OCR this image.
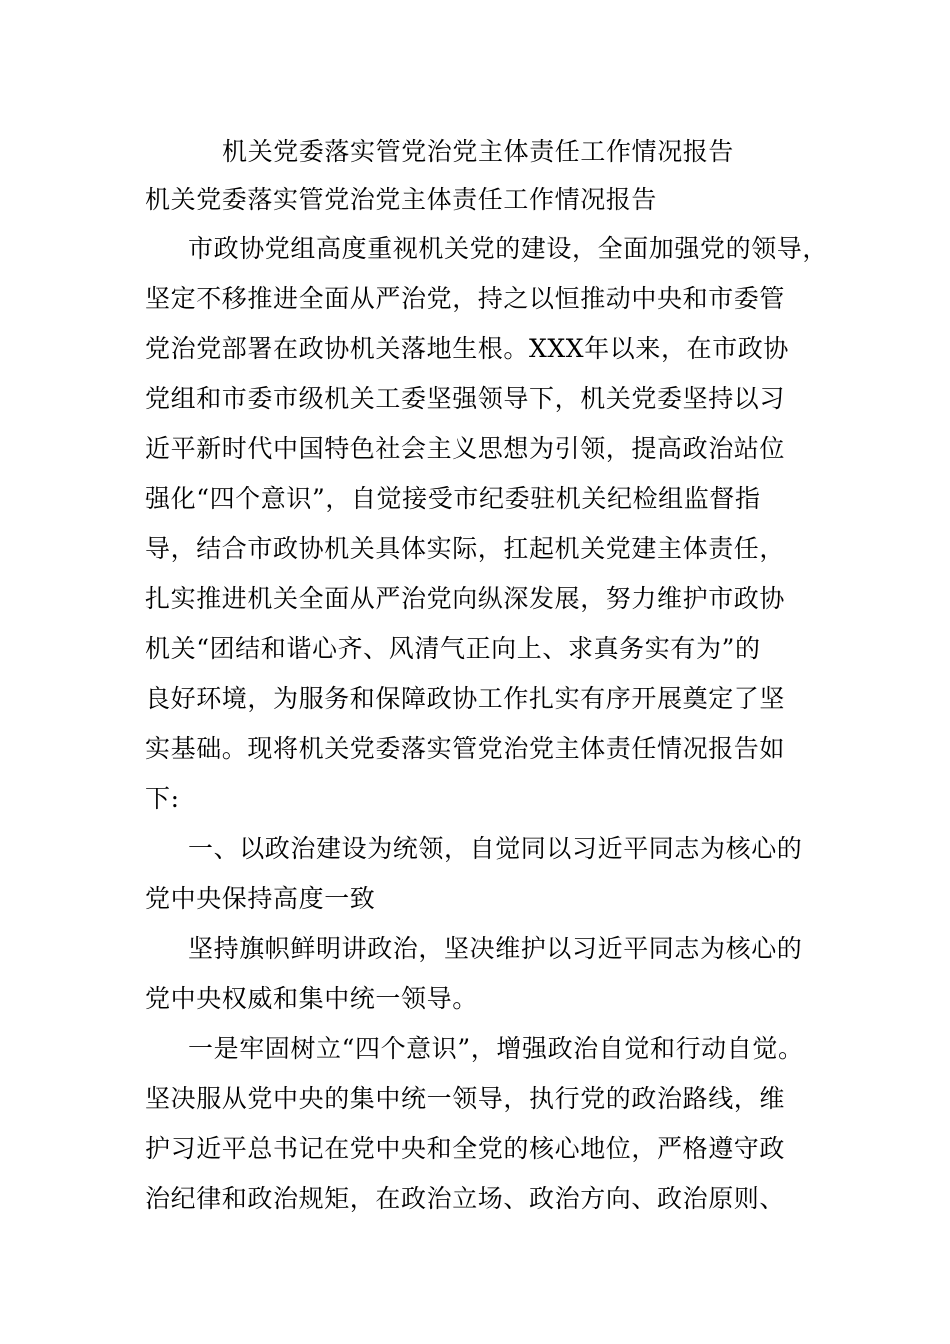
机关党委落实管党治党主体责任工作情况报告
机关党委落实管党治党主体责任工作情况报告
市政协党组高度重视机关党的建设，全面加强党的领导，
坚定不移推进全面从严治党，持之以恒推动中央和市委管
党治党部署在政协机关落地生根。XXX年以来，在市政协
党组和市委市级机关工委坚强领导下，机关党委坚持以习
近平新时代中国特色社会主义思想为引领，提高政治站位
强化“四个意识”，自觉接受市纪委驻机关纪检组监督指
导，结合市政协机关具体实际，扛起机关党建主体责任，
扎实推进机关全面从严治党向纵深发展，努力维护市政协
机关“团结和谐心齐、风清气正向上、求真务实有为”的
良好环境，为服务和保障政协工作扎实有序开展奠定了坚
实基础。现将机关党委落实管党治党主体责任情况报告如
下:
一、以政治建设为统领，自觉同以习近平同志为核心的
党中央保持高度一致
坚持旗帜鲜明讲政治，坚决维护以习近平同志为核心的
党中央权威和集中统一领导。
一是牢固树立“四个意识”，增强政治自觉和行动自觉。
坚决服从党中央的集中统一领导，执行党的政治路线，维
护习近平总书记在党中央和全党的核心地位，严格遵守政
治纪律和政治规矩，在政治立场、政治方向、政治原则、
